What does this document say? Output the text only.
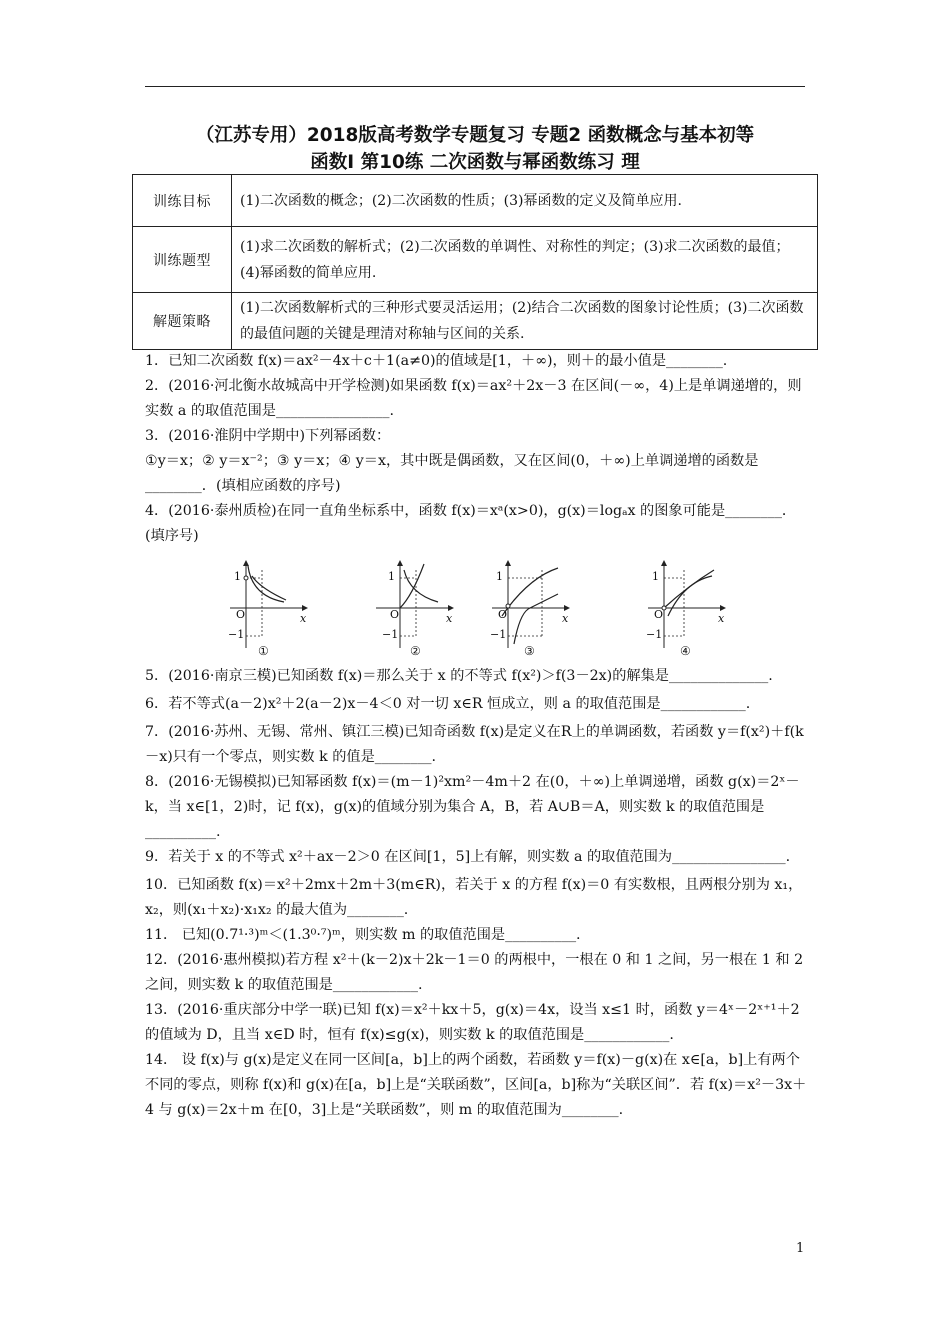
（江苏专用）2018版高考数学专题复习 专题2 函数概念与基本初等
函数Ⅰ 第10练 二次函数与幂函数练习 理
训练目标	(1)二次函数的概念；(2)二次函数的性质；(3)幂函数的定义及简单应用.
训练题型	(1)求二次函数的解析式；(2)二次函数的单调性、对称性的判定；(3)求二次函数的最值；(4)幂函数的简单应用.
解题策略	(1)二次函数解析式的三种形式要灵活运用；(2)结合二次函数的图象讨论性质；(3)二次函数的最值问题的关键是理清对称轴与区间的关系.

1．已知二次函数 f(x)＝ax²－4x＋c＋1(a≠0)的值域是[1，＋∞)，则＋的最小值是________.

2．(2016·河北衡水故城高中开学检测)如果函数 f(x)＝ax²＋2x－3 在区间(－∞，4)上是单调递增的，则实数 a 的取值范围是________________.

3．(2016·淮阴中学期中)下列幂函数：

①y＝x；② y＝x⁻²；③ y＝x；④ y＝x，其中既是偶函数，又在区间(0，＋∞)上单调递增的函数是________．(填相应函数的序号)

4．(2016·泰州质检)在同一直角坐标系中，函数 f(x)＝xᵃ(x>0)，g(x)＝logₐx 的图象可能是________．(填序号)

1
O
−1
x
①
1
O
−1
x
②
1
O
−1
x
③
1
O
−1
x
④

5．(2016·南京三模)已知函数 f(x)＝那么关于 x 的不等式 f(x²)＞f(3－2x)的解集是______________.

6．若不等式(a－2)x²＋2(a－2)x－4＜0 对一切 x∈R 恒成立，则 a 的取值范围是____________.

7．(2016·苏州、无锡、常州、镇江三模)已知奇函数 f(x)是定义在R上的单调函数，若函数 y＝f(x²)＋f(k－x)只有一个零点，则实数 k 的值是________.

8．(2016·无锡模拟)已知幂函数 f(x)＝(m－1)²xm²－4m＋2 在(0，＋∞)上单调递增，函数 g(x)＝2ˣ－k，当 x∈[1，2)时，记 f(x)，g(x)的值域分别为集合 A，B，若 A∪B＝A，则实数 k 的取值范围是__________.

9．若关于 x 的不等式 x²＋ax－2＞0 在区间[1，5]上有解，则实数 a 的取值范围为________________.

10．已知函数 f(x)＝x²＋2mx＋2m＋3(m∈R)，若关于 x 的方程 f(x)＝0 有实数根，且两根分别为 x₁，x₂，则(x₁＋x₂)·x₁x₂ 的最大值为________.

11． 已知(0.7¹·³)ᵐ＜(1.3⁰·⁷)ᵐ，则实数 m 的取值范围是__________.

12．(2016·惠州模拟)若方程 x²＋(k－2)x＋2k－1＝0 的两根中，一根在 0 和 1 之间，另一根在 1 和 2 之间，则实数 k 的取值范围是____________.

13．(2016·重庆部分中学一联)已知 f(x)＝x²＋kx＋5，g(x)＝4x，设当 x≤1 时，函数 y＝4ˣ－2ˣ⁺¹＋2 的值域为 D，且当 x∈D 时，恒有 f(x)≤g(x)，则实数 k 的取值范围是____________.

14． 设 f(x)与 g(x)是定义在同一区间[a，b]上的两个函数，若函数 y＝f(x)－g(x)在 x∈[a，b]上有两个不同的零点，则称 f(x)和 g(x)在[a，b]上是“关联函数”，区间[a，b]称为“关联区间”．若 f(x)＝x²－3x＋4 与 g(x)＝2x＋m 在[0，3]上是“关联函数”，则 m 的取值范围为________.

1
